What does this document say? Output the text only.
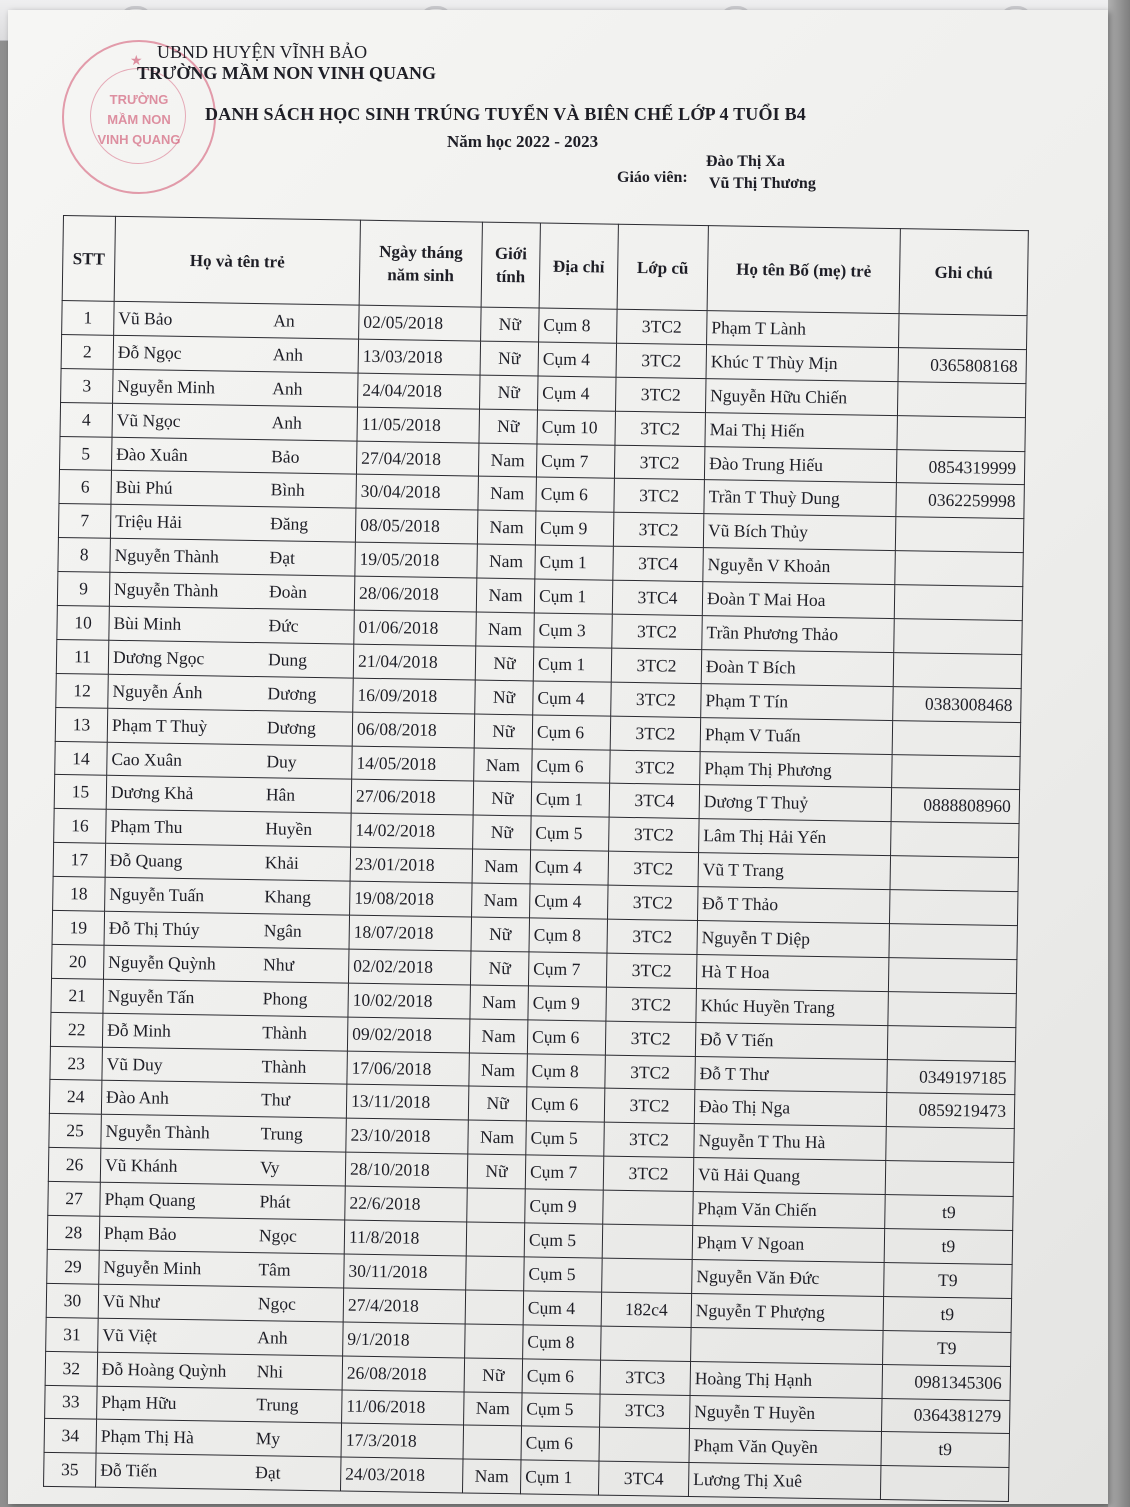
★
TRƯỜNG
MẦM NON
VINH QUANG
UBND HUYỆN VĨNH BẢO
TRƯỜNG MẦM NON VINH QUANG
DANH SÁCH HỌC SINH TRÚNG TUYỂN VÀ BIÊN CHẾ LỚP 4 TUỔI B4
Năm học 2022 - 2023
Giáo viên:
Đào Thị Xa
Vũ Thị Thương
STT	Họ và tên trẻ	Ngày tháng năm sinh	Giới tính	Địa chỉ	Lớp cũ	Họ tên Bố (mẹ) trẻ	Ghi chú
1	Vũ Bảo An	02/05/2018	Nữ	Cụm 8	3TC2	Phạm T Lành	
2	Đỗ Ngọc Anh	13/03/2018	Nữ	Cụm 4	3TC2	Khúc T Thùy Mịn	0365808168
3	Nguyễn Minh Anh	24/04/2018	Nữ	Cụm 4	3TC2	Nguyễn Hữu Chiến	
4	Vũ Ngọc Anh	11/05/2018	Nữ	Cụm 10	3TC2	Mai Thị Hiến	
5	Đào Xuân Bảo	27/04/2018	Nam	Cụm 7	3TC2	Đào Trung Hiếu	0854319999
6	Bùi Phú Bình	30/04/2018	Nam	Cụm 6	3TC2	Trần T Thuỳ Dung	0362259998
7	Triệu Hải Đăng	08/05/2018	Nam	Cụm 9	3TC2	Vũ Bích Thủy	
8	Nguyễn Thành Đạt	19/05/2018	Nam	Cụm 1	3TC4	Nguyễn V Khoản	
9	Nguyễn Thành Đoàn	28/06/2018	Nam	Cụm 1	3TC4	Đoàn T Mai Hoa	
10	Bùi Minh Đức	01/06/2018	Nam	Cụm 3	3TC2	Trần Phương Thảo	
11	Dương Ngọc Dung	21/04/2018	Nữ	Cụm 1	3TC2	Đoàn T Bích	
12	Nguyễn Ánh Dương	16/09/2018	Nữ	Cụm 4	3TC2	Phạm T Tín	0383008468
13	Phạm T Thuỳ Dương	06/08/2018	Nữ	Cụm 6	3TC2	Phạm V Tuấn	
14	Cao Xuân Duy	14/05/2018	Nam	Cụm 6	3TC2	Phạm Thị Phương	
15	Dương Khả Hân	27/06/2018	Nữ	Cụm 1	3TC4	Dương T Thuỷ	0888808960
16	Phạm Thu Huyền	14/02/2018	Nữ	Cụm 5	3TC2	Lâm Thị Hải Yến	
17	Đỗ Quang Khải	23/01/2018	Nam	Cụm 4	3TC2	Vũ T Trang	
18	Nguyễn Tuấn Khang	19/08/2018	Nam	Cụm 4	3TC2	Đỗ T Thảo	
19	Đỗ Thị Thúy Ngân	18/07/2018	Nữ	Cụm 8	3TC2	Nguyễn T Diệp	
20	Nguyễn Quỳnh Như	02/02/2018	Nữ	Cụm 7	3TC2	Hà T Hoa	
21	Nguyễn Tấn Phong	10/02/2018	Nam	Cụm 9	3TC2	Khúc Huyền Trang	
22	Đỗ Minh Thành	09/02/2018	Nam	Cụm 6	3TC2	Đỗ V Tiến	
23	Vũ Duy Thành	17/06/2018	Nam	Cụm 8	3TC2	Đỗ T Thư	0349197185
24	Đào Anh Thư	13/11/2018	Nữ	Cụm 6	3TC2	Đào Thị Nga	0859219473
25	Nguyễn Thành Trung	23/10/2018	Nam	Cụm 5	3TC2	Nguyễn T Thu Hà	
26	Vũ Khánh Vy	28/10/2018	Nữ	Cụm 7	3TC2	Vũ Hải Quang	
27	Phạm Quang Phát	22/6/2018		Cụm 9		Phạm Văn Chiến	t9
28	Phạm Bảo Ngọc	11/8/2018		Cụm 5		Phạm V Ngoan	t9
29	Nguyễn Minh Tâm	30/11/2018		Cụm 5		Nguyễn Văn Đức	T9
30	Vũ Như Ngọc	27/4/2018		Cụm 4	182c4	Nguyễn T Phượng	t9
31	Vũ Việt Anh	9/1/2018		Cụm 8			T9
32	Đỗ Hoàng Quỳnh Nhi	26/08/2018	Nữ	Cụm 6	3TC3	Hoàng Thị Hạnh	0981345306
33	Phạm Hữu Trung	11/06/2018	Nam	Cụm 5	3TC3	Nguyễn T Huyền	0364381279
34	Phạm Thị Hà My	17/3/2018		Cụm 6		Phạm Văn Quyền	t9
35	Đỗ Tiến Đạt	24/03/2018	Nam	Cụm 1	3TC4	Lương Thị Xuê	
